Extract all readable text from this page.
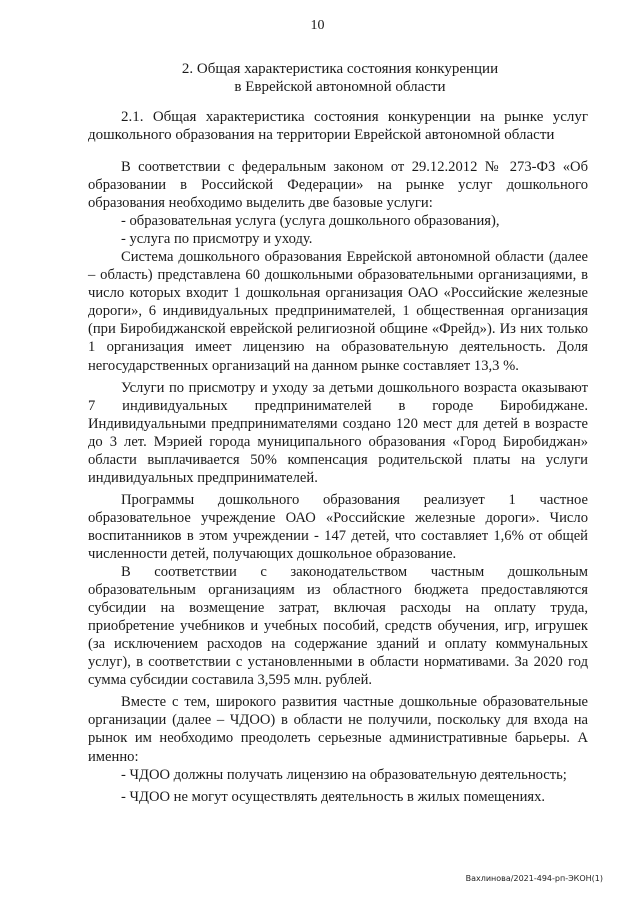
10
2. Общая характеристика состояния конкуренции
в Еврейской автономной области
2.1. Общая характеристика состояния конкуренции на рынке услуг дошкольного образования на территории Еврейской автономной области

В соответствии с федеральным законом от 29.12.2012 № 273-ФЗ «Об образовании в Российской Федерации» на рынке услуг дошкольного образования необходимо выделить две базовые услуги:

- образовательная услуга (услуга дошкольного образования),

- услуга по присмотру и уходу.

Система дошкольного образования Еврейской автономной области (далее – область) представлена 60 дошкольными образовательными организациями, в число которых входит 1 дошкольная организация ОАО «Российские железные дороги», 6 индивидуальных предпринимателей, 1 общественная организация (при Биробиджанской еврейской религиозной общине «Фрейд»). Из них только 1 организация имеет лицензию на образовательную деятельность. Доля негосударственных организаций на данном рынке составляет 13,3 %.

Услуги по присмотру и уходу за детьми дошкольного возраста оказывают 7 индивидуальных предпринимателей в городе Биробиджане. Индивидуальными предпринимателями создано 120 мест для детей в возрасте до 3 лет. Мэрией города муниципального образования «Город Биробиджан» области выплачивается 50% компенсация родительской платы на услуги индивидуальных предпринимателей.

Программы дошкольного образования реализует 1 частное образовательное учреждение ОАО «Российские железные дороги». Число воспитанников в этом учреждении - 147 детей, что составляет 1,6% от общей численности детей, получающих дошкольное образование.

В соответствии с законодательством частным дошкольным образовательным организациям из областного бюджета предоставляются субсидии на возмещение затрат, включая расходы на оплату труда, приобретение учебников и учебных пособий, средств обучения, игр, игрушек (за исключением расходов на содержание зданий и оплату коммунальных услуг), в соответствии с установленными в области нормативами. За 2020 год сумма субсидии составила 3,595 млн. рублей.

Вместе с тем, широкого развития частные дошкольные образовательные организации (далее – ЧДОО) в области не получили, поскольку для входа на рынок им необходимо преодолеть серьезные административные барьеры. А именно:

- ЧДОО должны получать лицензию на образовательную деятельность;

- ЧДОО не могут осуществлять деятельность в жилых помещениях.

Вахлинова/2021-494-рп-ЭКОН(1)
